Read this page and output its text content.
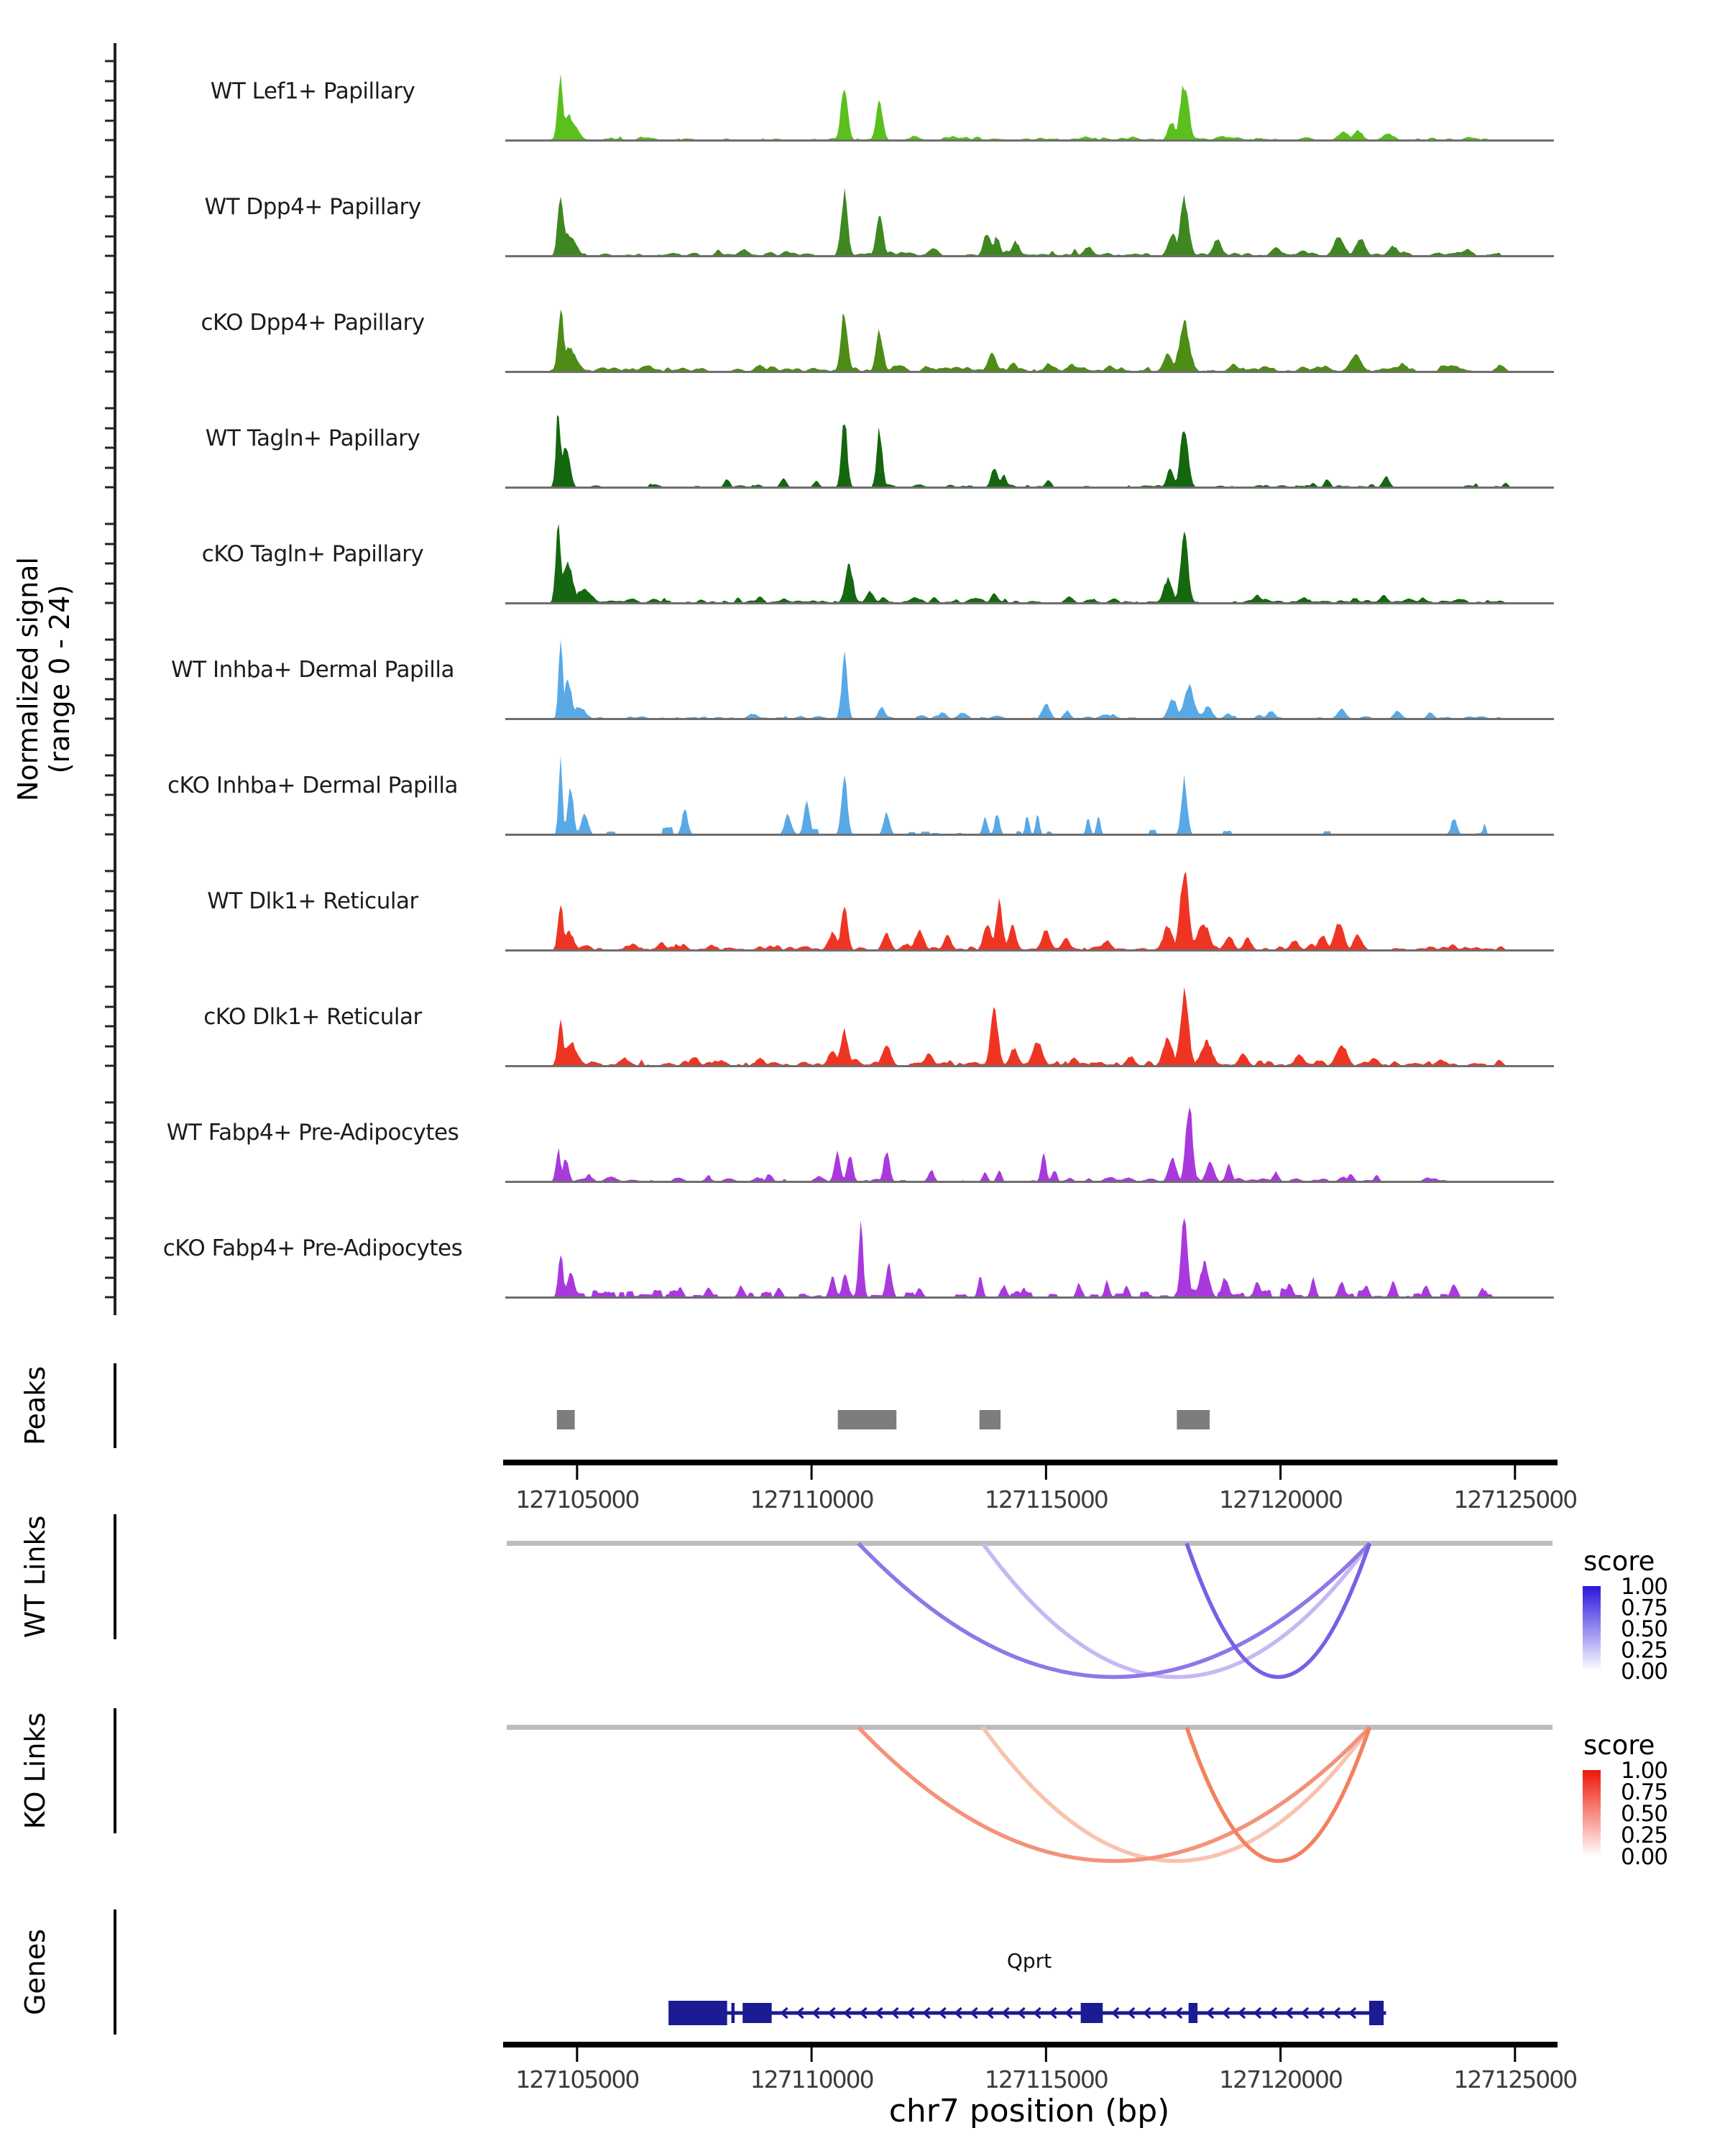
WT Lef1+ Papillary
WT Dpp4+ Papillary
cKO Dpp4+ Papillary
WT Tagln+ Papillary
cKO Tagln+ Papillary
WT Inhba+ Dermal Papilla
cKO Inhba+ Dermal Papilla
WT Dlk1+ Reticular
cKO Dlk1+ Reticular
WT Fabp4+ Pre-Adipocytes
cKO Fabp4+ Pre-Adipocytes
127105000	127110000	127115000	127120000	127125000
127105000	127110000	127115000	127120000	127125000
1.00
0.75
0.50
0.25
0.00
1.00
0.75
0.50
0.25
0.00
Normalized signal (range 0 - 24)
Peaks
WT Links
KO Links
Genes
score
score
Qprt
chr7 position (bp)
